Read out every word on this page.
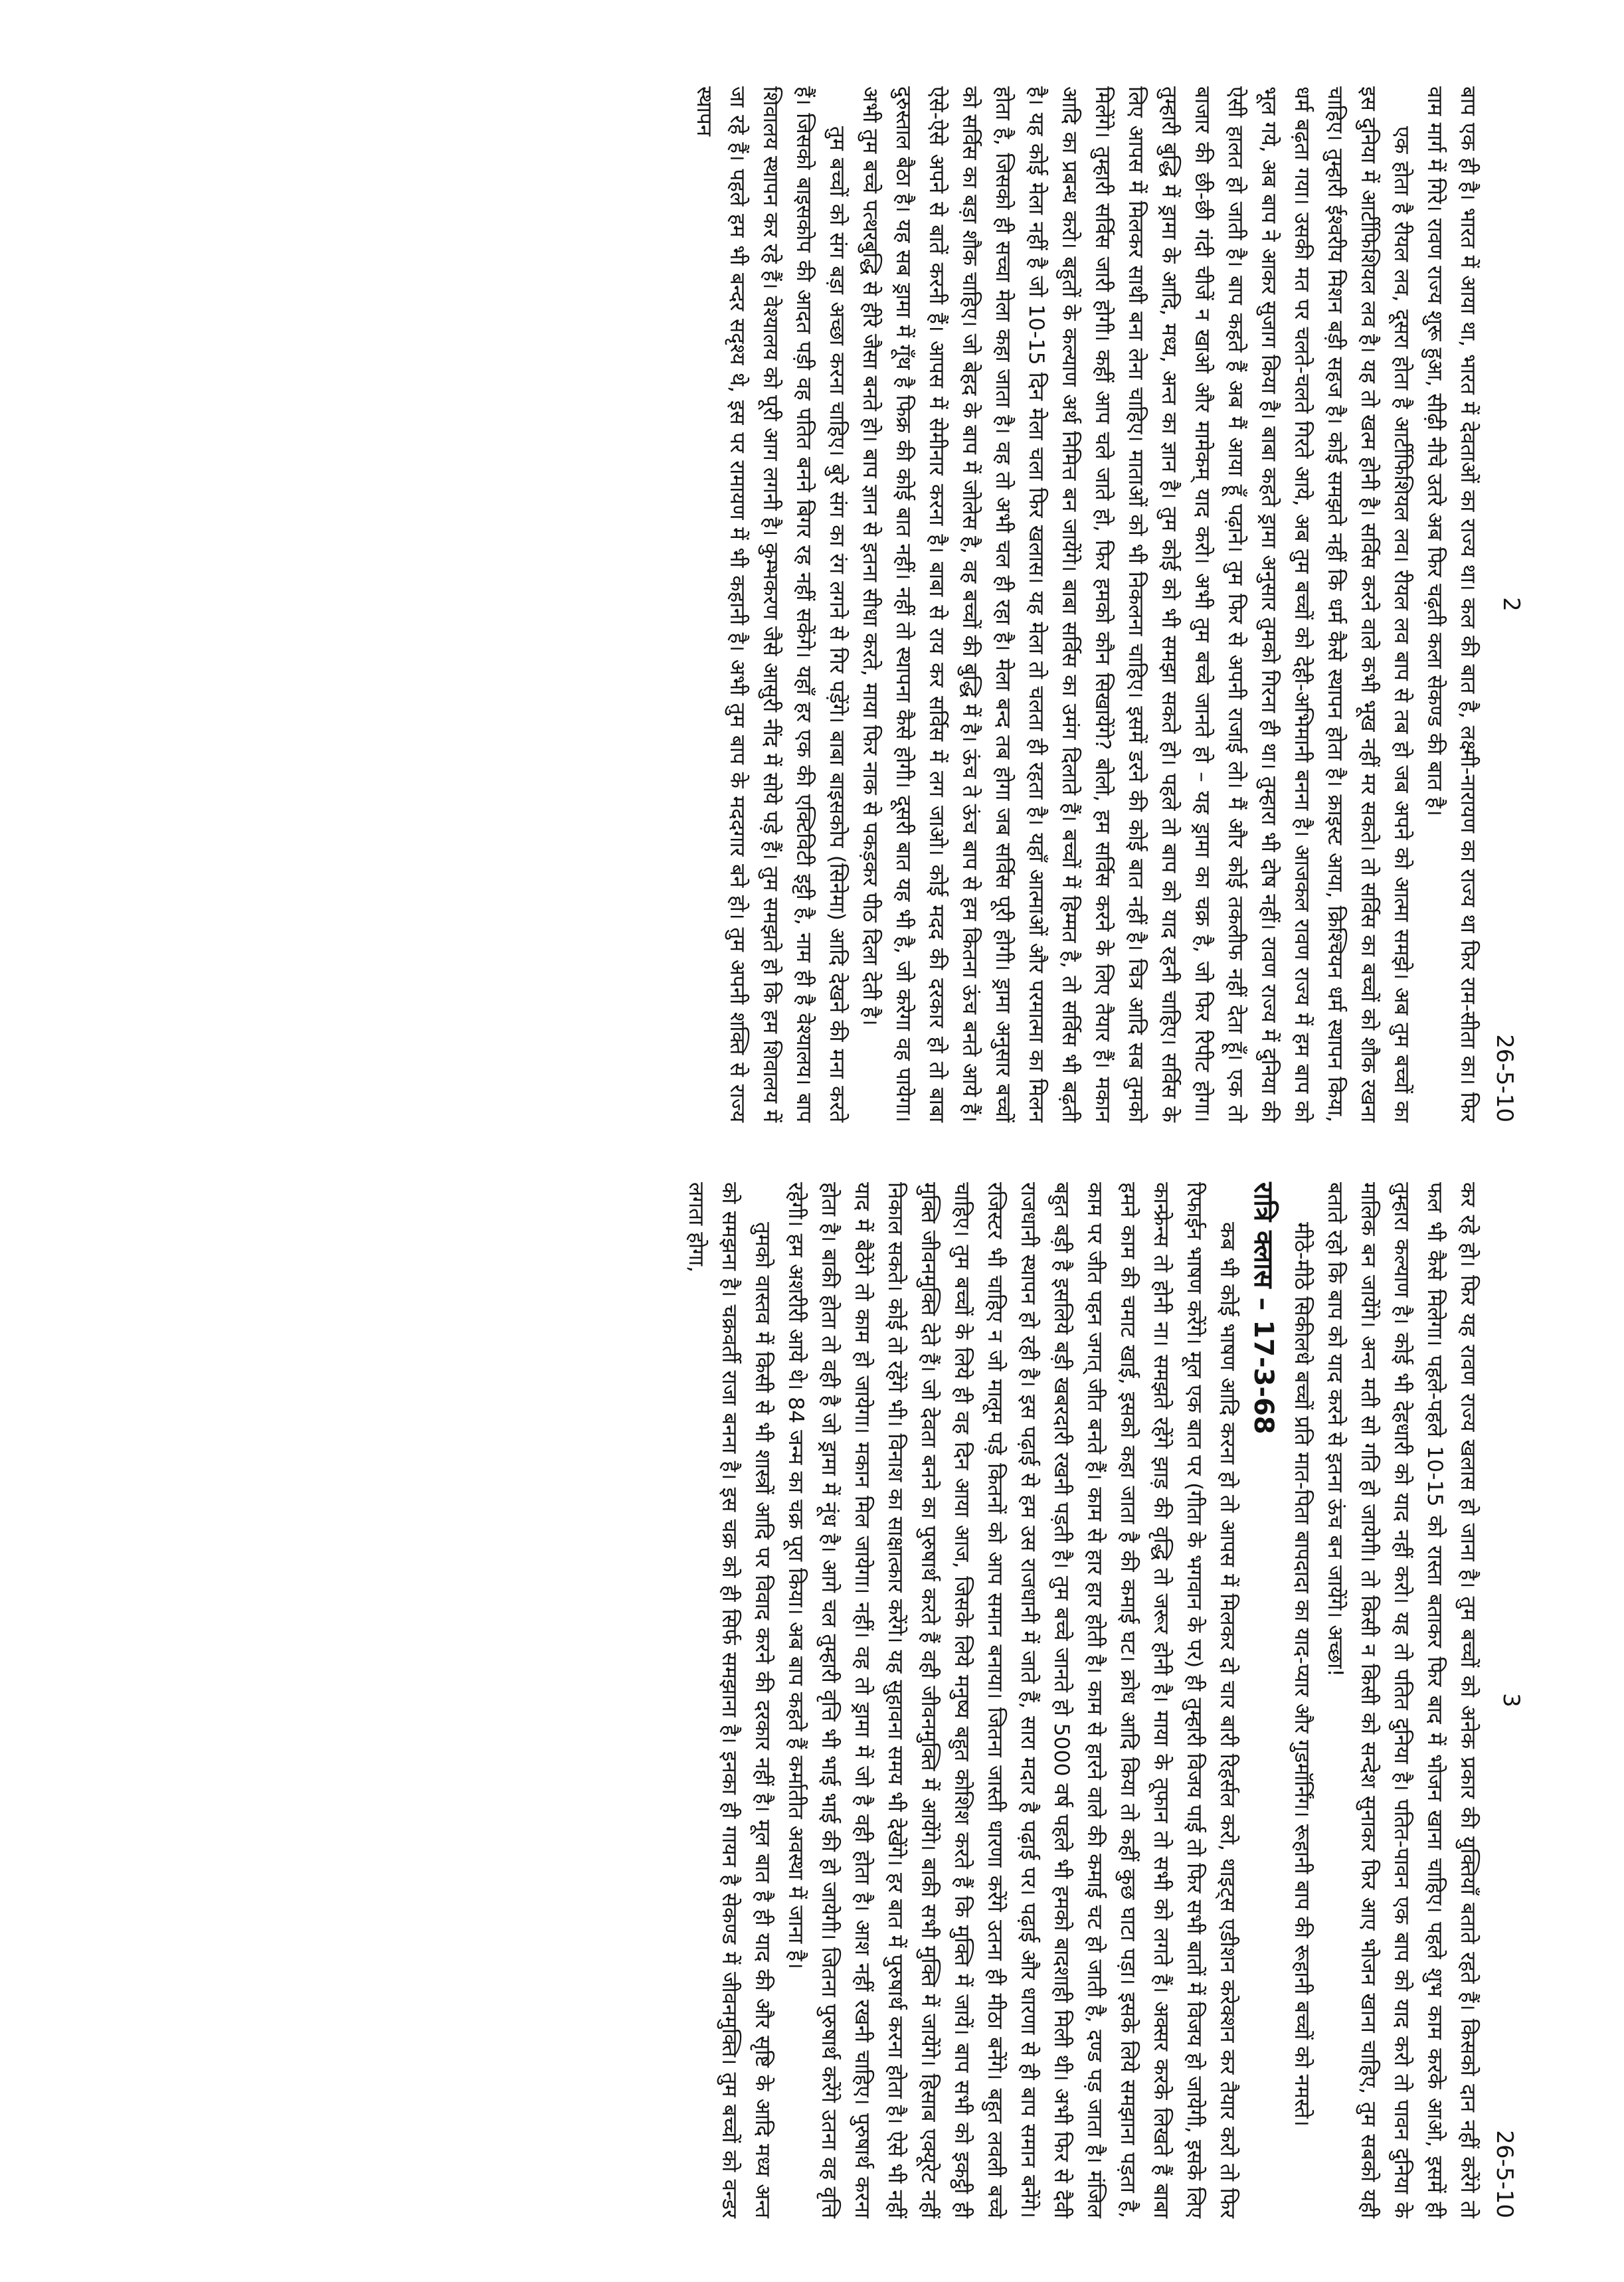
2
26-5-10

बाप एक ही है। भारत में आया था, भारत में देवताओं का राज्य था। कल की बात है, लक्ष्मी-नारायण का राज्य था फिर राम-सीता का। फिर वाम मार्ग में गिरे। रावण राज्य शुरू हुआ, सीढ़ी नीचे उतरे अब फिर चढ़ती कला सेकण्ड की बात है।

एक होता है रीयल लव, दूसरा होता है आर्टीफिशियल लव। रीयल लव बाप से तब हो जब अपने को आत्मा समझे। अब तुम बच्चों का इस दुनिया में आर्टीफिशियल लव है। यह तो खत्म होनी है। सर्विस करने वाले कभी भूख नहीं मर सकते। तो सर्विस का बच्चों को शौक रखना चाहिए। तुम्हारी ईश्वरीय मिशन बड़ी सहज है। कोई समझते नहीं कि धर्म कैसे स्थापन होता है। क्राइस्ट आया, क्रिश्चियन धर्म स्थापन किया, धर्म बढ़ता गया। उसकी मत पर चलते-चलते गिरते आये, अब तुम बच्चों को देही-अभिमानी बनना है। आजकल रावण राज्य में हम बाप को भूल गये, अब बाप ने आकर सुजाग किया है। बाबा कहते ड्रामा अनुसार तुमको गिरना ही था। तुम्हारा भी दोष नहीं। रावण राज्य में दुनिया की ऐसी हालत हो जाती है। बाप कहते हैं अब मैं आया हूँ पढ़ाने। तुम फिर से अपनी राजाई लो। मैं और कोई तकलीफ नहीं देता हूँ। एक तो बाजार की छी-छी गंदी चीजें न खाओ और मामेकम् याद करो। अभी तुम बच्चे जानते हो – यह ड्रामा का चक्र है, जो फिर रिपीट होगा। तुम्हारी बुद्धि में ड्रामा के आदि, मध्य, अन्त का ज्ञान है। तुम कोई को भी समझा सकते हो। पहले तो बाप को याद रहनी चाहिए। सर्विस के लिए आपस में मिलकर साथी बना लेना चाहिए। माताओं को भी निकलना चाहिए। इसमें डरने की कोई बात नहीं है। चित्र आदि सब तुमको मिलेंगे। तुम्हारी सर्विस जारी होगी। कहीं आप चले जाते हो, फिर हमको कौन सिखायेंगे? बोलो, हम सर्विस करने के लिए तैयार हैं। मकान आदि का प्रबन्ध करो। बहुतों के कल्याण अर्थ निमित्त बन जायेंगे। बाबा सर्विस का उमंग दिलाते हैं। बच्चों में हिम्मत है, तो सर्विस भी बढ़ती है। यह कोई मेला नहीं है जो 10-15 दिन मेला चला फिर खलास। यह मेला तो चलता ही रहता है। यहाँ आत्माओं और परमात्मा का मिलन होता है, जिसको ही सच्चा मेला कहा जाता है। वह तो अभी चल ही रहा है। मेला बन्द तब होगा जब सर्विस पूरी होगी। ड्रामा अनुसार बच्चों को सर्विस का बड़ा शौक चाहिए। जो बेहद के बाप में जोलेस है, वह बच्चों की बुद्धि में है। ऊंच ते ऊंच बाप से हम कितना ऊंच बनते आये हैं। ऐसे-ऐसे अपने से बातें करनी हैं। आपस में सेमीनार करना है। बाबा से राय कर सर्विस में लग जाओ। कोई मदद की दरकार हो तो बाबा दुरुस्ताल बैठा है। यह सब ड्रामा में गूँथ है फिक्र की कोई बात नहीं। नहीं तो स्थापना कैसे होगी। दूसरी बात यह भी है, जो करेगा वह पायेगा। अभी तुम बच्चे पत्थरबुद्धि से हीरे जैसा बनते हो। बाप ज्ञान से इतना सीधा करते, माया फिर नाक से पकड़कर पीठ दिला देती है।

तुम बच्चों को संग बड़ा अच्छा करना चाहिए। बुरे संग का रंग लगने से गिर पड़ेंगे। बाबा बाइसकोप (सिनेमा) आदि देखने की मना करते हैं। जिसको बाइसकोप की आदत पड़ी वह पतित बनने बिगर रह नहीं सकेंगे। यहाँ हर एक की एक्टिविटी इट्टी है, नाम ही है वेश्यालय। बाप शिवालय स्थापन कर रहे हैं। वेश्यालय को पूरी आग लगनी है। कुम्भकरण जैसे आसुरी नींद में सोये पड़े हैं। तुम समझते हो कि हम शिवालय में जा रहे हैं। पहले हम भी बन्दर सदृश्य थे, इस पर रामायण में भी कहानी है। अभी तुम बाप के मददगार बने हो। तुम अपनी शक्ति से राज्य स्थापन

3
26-5-10

कर रहे हो। फिर यह रावण राज्य खलास हो जाना है। तुम बच्चों को अनेक प्रकार की युक्तियाँ बताते रहते हैं। किसको दान नहीं करेंगे तो फल भी कैसे मिलेगा। पहले-पहले 10-15 को रास्ता बताकर फिर बाद में भोजन खाना चाहिए। पहले शुभ काम करके आओ, इसमें ही तुम्हारा कल्याण है। कोई भी देहधारी को याद नहीं करो। यह तो पतित दुनिया है। पतित-पावन एक बाप को याद करो तो पावन दुनिया के मालिक बन जायेंगे। अन्त मती सो गति हो जायेगी। तो किसी न किसी को सन्देश सुनाकर फिर आए भोजन खाना चाहिए, तुम सबको यही बताते रहो कि बाप को याद करने से इतना ऊंच बन जायेंगे। अच्छा!

मीठे-मीठे सिकीलधे बच्चों प्रति मात-पिता बापदादा का याद-प्यार और गुडमॉर्निंग। रूहानी बाप की रूहानी बच्चों को नमस्ते।

रात्रि क्लास – 17-3-68

कब भी कोई भाषण आदि करना हो तो आपस में मिलकर दो चार बारी रिहर्सल करो, थाइट्स एडीशन करेक्शन कर तैयार करो तो फिर रिफाईन भाषण करेंगे। मूल एक बात पर (गीता के भगवान के पर) ही तुम्हारी विजय पाई तो फिर सभी बातों में विजय हो जायेगी, इसके लिए कान्फ्रेन्स तो होनी ना। समझते रहेंगे झाड़ की वृद्धि तो जरूर होनी है। माया के तूफान तो सभी को लगते हैं। अक्सर करके लिखते हैं बाबा हमने काम की चमाट खाई, इसको कहा जाता है की कमाई घट। क्रोध आदि किया तो कहीं कुछ घाटा पड़ा। इसके लिये समझाना पड़ता है, काम पर जीत पहन जगत् जीत बनते हैं। काम से हार हार होती है। काम से हारने वाले की कमाई चट हो जाती है, दण्ड पड़ जाता है। मंजिल बहुत बड़ी है इसलिये बड़ी खबरदारी रखनी पड़ती है। तुम बच्चे जानते हो 5000 वर्ष पहले भी हमको बादशाही मिली थी। अभी फिर से दैवी राजधानी स्थापन हो रही है। इस पढ़ाई से हम उस राजधानी में जाते हैं, सारा मदार है पढ़ाई पर। पढ़ाई और धारणा से ही बाप समान बनेंगे। रजिस्टर भी चाहिए न जो मालूम पड़े कितनों को आप समान बनाया। जितना जास्ती धारणा करेंगे उतना ही मीठा बनेंगे। बहुत लवली बच्चे चाहिए। तुम बच्चों के लिये ही वह दिन आया आज, जिसके लिये मनुष्य बहुत कोशिश करते हैं कि मुक्ति में जायें। बाप सभी को इकट्ठी ही मुक्ति जीवनमुक्ति देते हैं। जो देवता बनने का पुरुषार्थ करते हैं वही जीवनमुक्ति में आयेंगे। बाकी सभी मुक्ति में जायेंगे। हिसाब एक्यूरेट नहीं निकाल सकते। कोई तो रहेंगे भी। विनाश का साक्षात्कार करेंगे। यह सुहावना समय भी देखेंगे। हर बात में पुरुषार्थ करना होता है। ऐसे भी नहीं याद में बैठेंगे तो काम हो जायेगा। मकान मिल जायेगा। नहीं। वह तो ड्रामा में जो है वही होता है। आश नहीं रखनी चाहिए। पुरुषार्थ करना होता है। बाकी होता तो वही है जो ड्रामा में नूंध है। आगे चल तुम्हारी वृत्ति भी भाई भाई की हो जायेगी। जितना पुरुषार्थ करेंगे उतना वह वृत्ति रहेगी। हम अशरीरी आये थे। 84 जन्म का चक्र पूरा किया। अब बाप कहते हैं कर्मातीत अवस्था में जाना है।

तुमको वास्तव में किसी से भी शास्त्रों आदि पर विवाद करने की दरकार नहीं है। मूल बात है ही याद की और सृष्टि के आदि मध्य अन्त को समझना है। चक्रवर्ती राजा बनना है। इस चक्र को ही सिर्फ समझाना है। इनका ही गायन है सेकण्ड में जीवनमुक्ति। तुम बच्चों को वन्डर लगता होगा,
